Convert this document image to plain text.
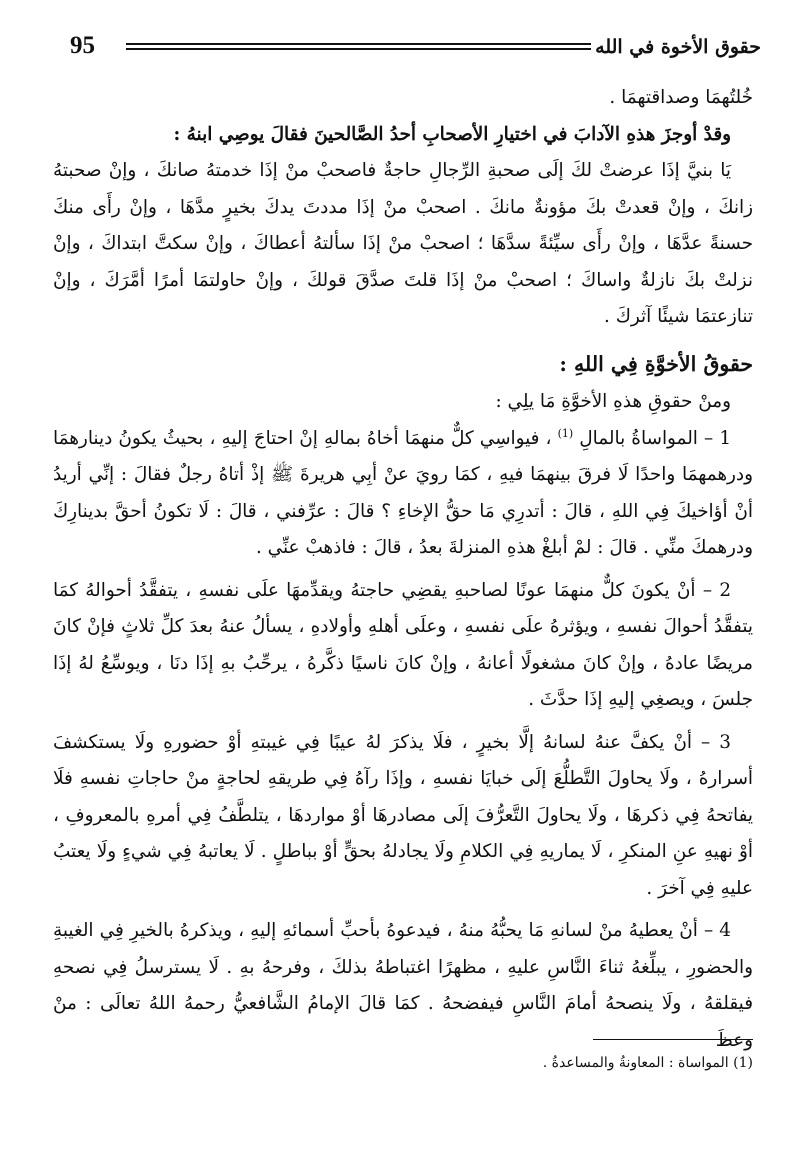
حقوق الأخوة في الله
95

خُلتُهمَا وصداقتهمَا .

وقدْ أوجزَ هذهِ الآدابَ في اختيارِ الأصحابِ أحدُ الصَّالحينَ فقالَ يوصِي ابنهُ :

يَا بنيَّ إذَا عرضتْ لكَ إلَى صحبةِ الرِّجالِ حاجةٌ فاصحبْ منْ إذَا خدمتهُ صانكَ ، وإنْ صحبتهُ زانكَ ، وإنْ قعدتْ بكَ مؤونةٌ مانكَ . اصحبْ منْ إذَا مددتَ يدكَ بخيرٍ مدَّهَا ، وإنْ رأَى منكَ حسنةً عدَّهَا ، وإنْ رأَى سيِّئةً سدَّهَا ؛ اصحبْ منْ إذَا سألتهُ أعطاكَ ، وإنْ سكتَّ ابتداكَ ، وإنْ نزلتْ بكَ نازلةٌ واساكَ ؛ اصحبْ منْ إذَا قلتَ صدَّقَ قولكَ ، وإنْ حاولتمَا أمرًا أمَّرَكَ ، وإنْ تنازعتمَا شيئًا آثركَ .

حقوقُ الأخوَّةِ فِي اللهِ :

ومنْ حقوقِ هذهِ الأخوَّةِ مَا يلِي :

1 – المواساةُ بالمالِ $^{(1)}$ ، فيواسِي كلٌّ منهمَا أخاهُ بمالهِ إنْ احتاجَ إليهِ ، بحيثُ يكونُ دينارهمَا ودرهمهمَا واحدًا لَا فرقَ بينهمَا فيهِ ، كمَا رويَ عنْ أبِي هريرةَ ﷺ إذْ أتاهُ رجلٌ فقالَ : إنِّي أريدُ أنْ أؤاخيكَ فِي اللهِ ، قالَ : أتدرِي مَا حقُّ الإخاءِ ؟ قالَ : عرِّفني ، قالَ : لَا تكونُ أحقَّ بدينارِكَ ودرهمكَ منِّي . قالَ : لمْ أبلغْ هذهِ المنزلةَ بعدُ ، قالَ : فاذهبْ عنِّي .

2 – أنْ يكونَ كلٌّ منهمَا عونًا لصاحبهِ يقضِي حاجتهُ ويقدِّمهَا علَى نفسهِ ، يتفقَّدُ أحوالهُ كمَا يتفقَّدُ أحوالَ نفسهِ ، ويؤثرهُ علَى نفسهِ ، وعلَى أهلهِ وأولادهِ ، يسألُ عنهُ بعدَ كلِّ ثلاثٍ فإنْ كانَ مريضًا عادهُ ، وإنْ كانَ مشغولًا أعانهُ ، وإنْ كانَ ناسيًا ذكَّرهُ ، يرحِّبُ بهِ إذَا دنَا ، ويوسِّعُ لهُ إذَا جلسَ ، ويصغِي إليهِ إذَا حدَّثَ .

3 – أنْ يكفَّ عنهُ لسانهُ إلَّا بخيرٍ ، فلَا يذكرَ لهُ عيبًا فِي غيبتهِ أوْ حضورهِ ولَا يستكشفَ أسرارهُ ، ولَا يحاولَ التَّطلُّعَ إلَى خبايَا نفسهِ ، وإذَا رآهُ فِي طريقهِ لحاجةٍ منْ حاجاتِ نفسهِ فلَا يفاتحهُ فِي ذكرهَا ، ولَا يحاولَ التَّعرُّفَ إلَى مصادرهَا أوْ مواردهَا ، يتلطَّفُ فِي أمرهِ بالمعروفِ ، أوْ نهيهِ عنِ المنكرِ ، لَا يماريهِ فِي الكلامِ ولَا يجادلهُ بحقٍّ أوْ بباطلٍ . لَا يعاتبهُ فِي شيءٍ ولَا يعتبُ عليهِ فِي آخرَ .

4 – أنْ يعطيهُ منْ لسانهِ مَا يحبُّهُ منهُ ، فيدعوهُ بأحبِّ أسمائهِ إليهِ ، ويذكرهُ بالخيرِ فِي الغيبةِ والحضورِ ، يبلِّغهُ ثناءَ النَّاسِ عليهِ ، مظهرًا اغتباطهُ بذلكَ ، وفرحهُ بهِ . لَا يسترسلُ فِي نصحهِ فيقلقهُ ، ولَا ينصحهُ أمامَ النَّاسِ فيفضحهُ . كمَا قالَ الإمامُ الشَّافعيُّ رحمهُ اللهُ تعالَى : منْ وعظَ

(1) المواساة : المعاونةُ والمساعدةُ .
